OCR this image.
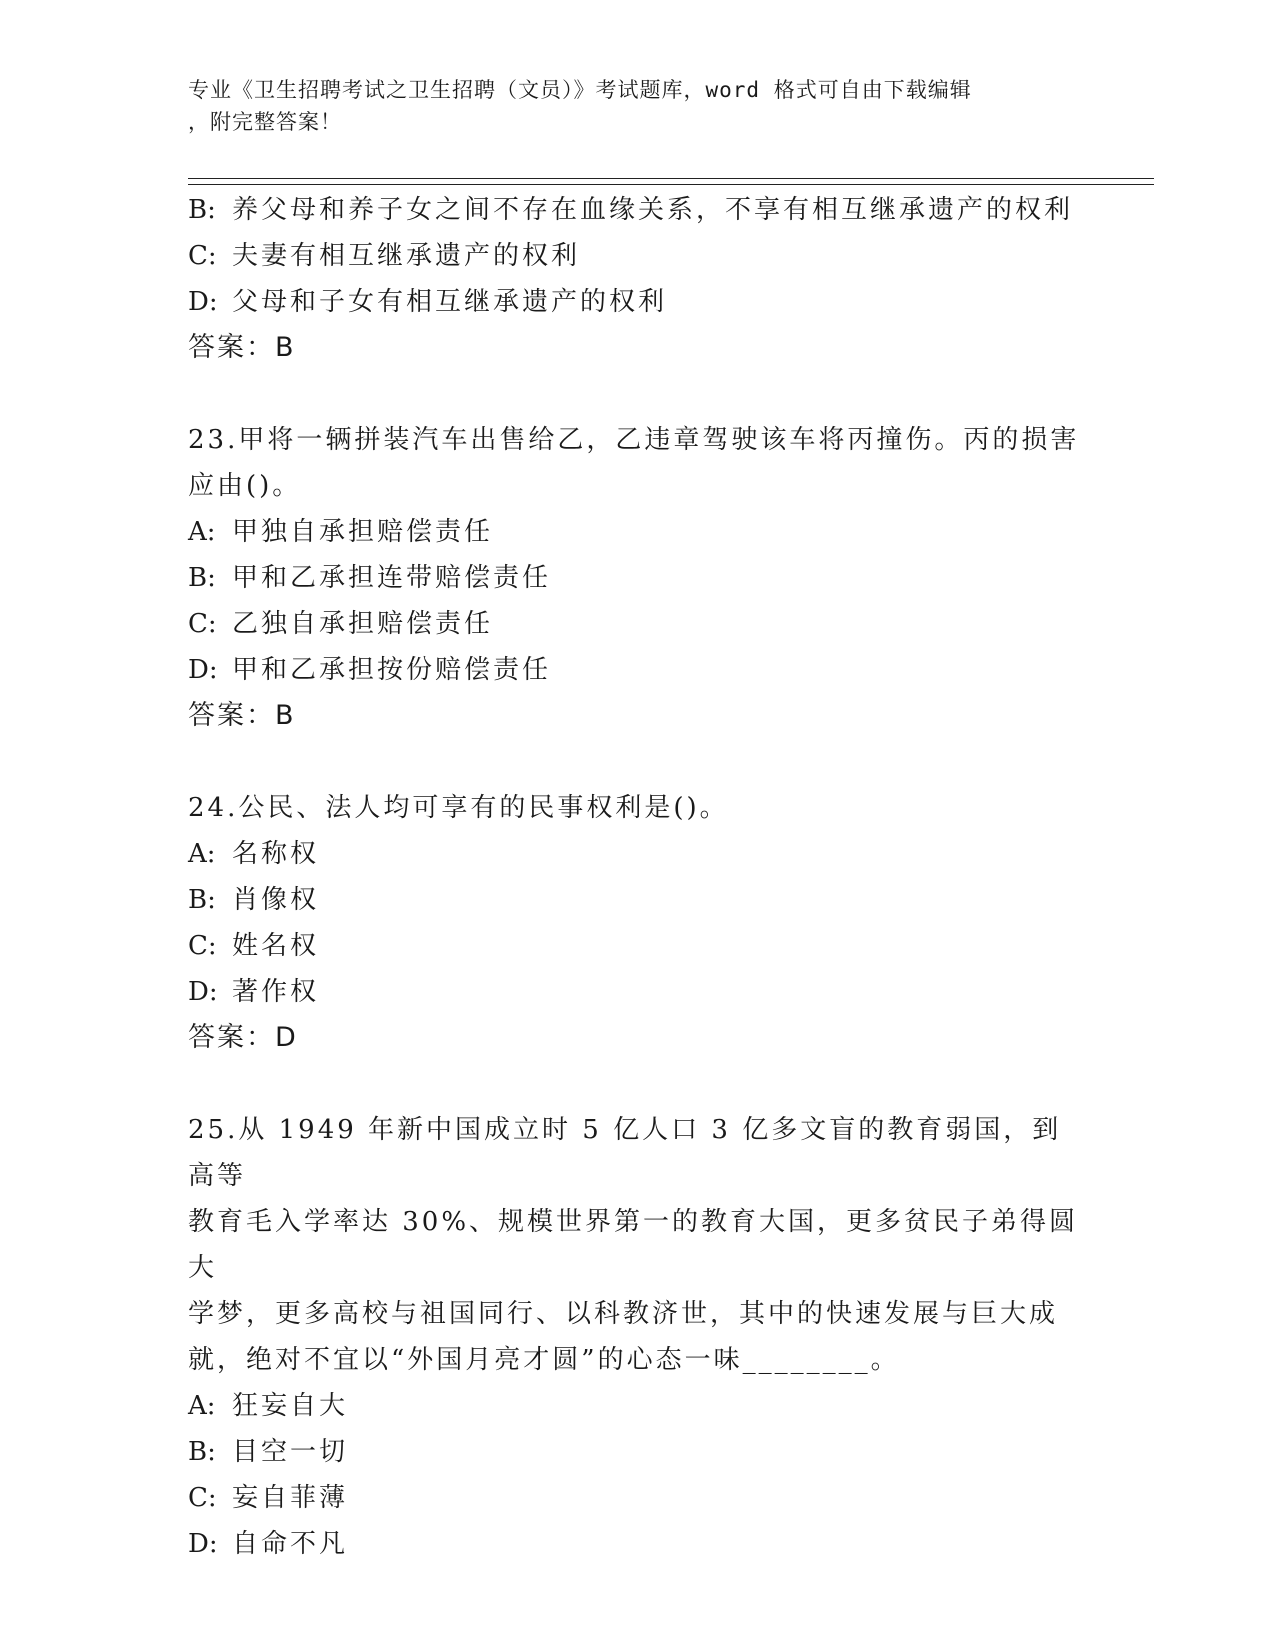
专业《卫生招聘考试之卫生招聘（文员）》考试题库，word 格式可自由下载编辑
，附完整答案！
B: 养父母和养子女之间不存在血缘关系，不享有相互继承遗产的权利
C: 夫妻有相互继承遗产的权利
D: 父母和子女有相互继承遗产的权利
答案：B
23.甲将一辆拼装汽车出售给乙，乙违章驾驶该车将丙撞伤。丙的损害
应由()。
A: 甲独自承担赔偿责任
B: 甲和乙承担连带赔偿责任
C: 乙独自承担赔偿责任
D: 甲和乙承担按份赔偿责任
答案：B
24.公民、法人均可享有的民事权利是()。
A: 名称权
B: 肖像权
C: 姓名权
D: 著作权
答案：D
25.从 1949 年新中国成立时 5 亿人口 3 亿多文盲的教育弱国，到高等
教育毛入学率达 30%、规模世界第一的教育大国，更多贫民子弟得圆大
学梦，更多高校与祖国同行、以科教济世，其中的快速发展与巨大成
就，绝对不宜以“外国月亮才圆”的心态一味________。
A: 狂妄自大
B: 目空一切
C: 妄自菲薄
D: 自命不凡
